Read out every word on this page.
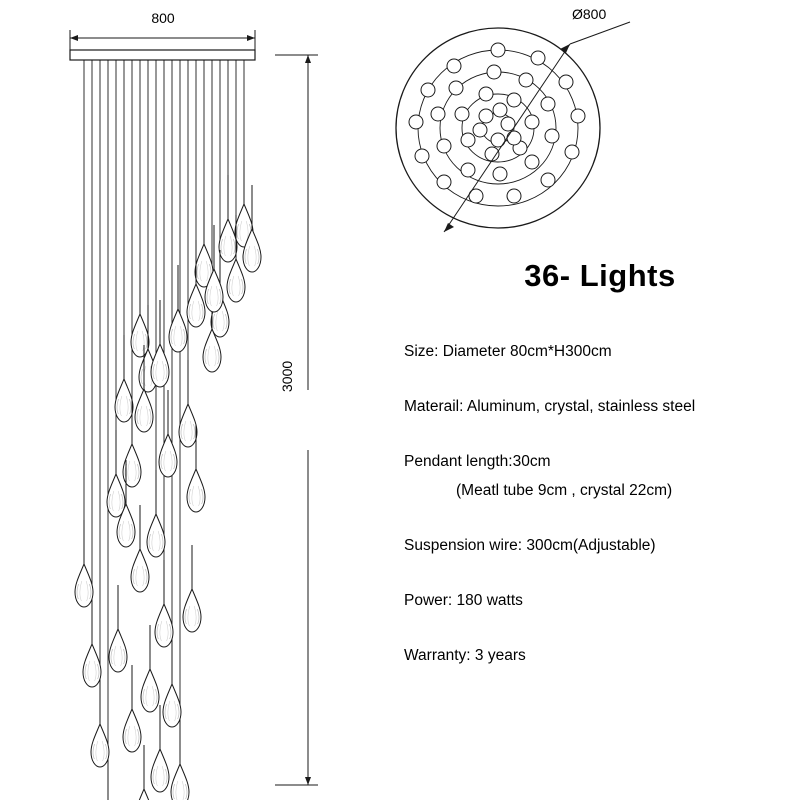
800
3000
Ø800
36- Lights

Size: Diameter 80cm*H300cm

Materail: Aluminum, crystal, stainless steel

Pendant length:30cm

(Meatl tube 9cm , crystal 22cm)

Suspension wire: 300cm(Adjustable)

Power: 180 watts

Warranty: 3 years
